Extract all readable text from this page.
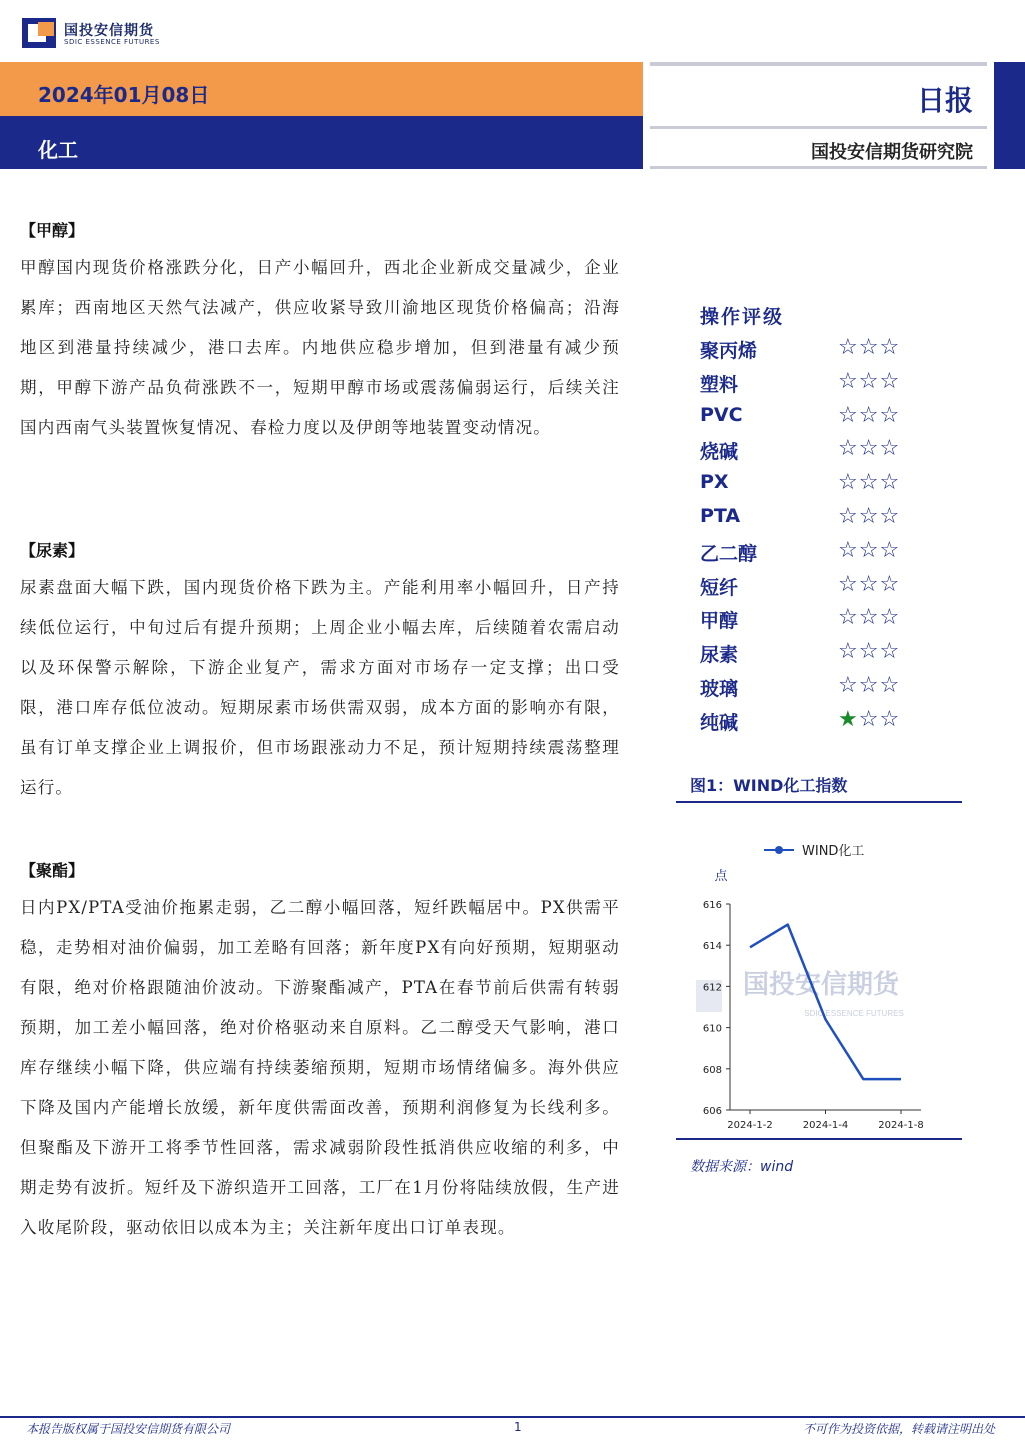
国投安信期货
SDIC ESSENCE FUTURES
2024年01月08日
化工
日报
国投安信期货研究院
【甲醇】
甲醇国内现货价格涨跌分化，日产小幅回升，西北企业新成交量减少，企业累库；西南地区天然气法减产，供应收紧导致川渝地区现货价格偏高；沿海地区到港量持续减少，港口去库。内地供应稳步增加，但到港量有减少预期，甲醇下游产品负荷涨跌不一，短期甲醇市场或震荡偏弱运行，后续关注国内西南气头装置恢复情况、春检力度以及伊朗等地装置变动情况。
【尿素】
尿素盘面大幅下跌，国内现货价格下跌为主。产能利用率小幅回升，日产持续低位运行，中旬过后有提升预期；上周企业小幅去库，后续随着农需启动以及环保警示解除，下游企业复产，需求方面对市场存一定支撑；出口受限，港口库存低位波动。短期尿素市场供需双弱，成本方面的影响亦有限，虽有订单支撑企业上调报价，但市场跟涨动力不足，预计短期持续震荡整理运行。
【聚酯】
日内PX/PTA受油价拖累走弱，乙二醇小幅回落，短纤跌幅居中。PX供需平稳，走势相对油价偏弱，加工差略有回落；新年度PX有向好预期，短期驱动有限，绝对价格跟随油价波动。下游聚酯减产，PTA在春节前后供需有转弱预期，加工差小幅回落，绝对价格驱动来自原料。乙二醇受天气影响，港口库存继续小幅下降，供应端有持续萎缩预期，短期市场情绪偏多。海外供应下降及国内产能增长放缓，新年度供需面改善，预期利润修复为长线利多。但聚酯及下游开工将季节性回落，需求减弱阶段性抵消供应收缩的利多，中期走势有波折。短纤及下游织造开工回落，工厂在1月份将陆续放假，生产进入收尾阶段，驱动依旧以成本为主；关注新年度出口订单表现。
操作评级
聚丙烯	☆☆☆
塑料	☆☆☆
PVC	☆☆☆
烧碱	☆☆☆
PX	☆☆☆
PTA	☆☆☆
乙二醇	☆☆☆
短纤	☆☆☆
甲醇	☆☆☆
尿素	☆☆☆
玻璃	☆☆☆
纯碱	★☆☆
图1：WIND化工指数
国投安信期货
SDIC ESSENCE FUTURES
WIND化工
点
616
614
612
610
608
606
2024-1-2	2024-1-4	2024-1-8
数据来源：wind
本报告版权属于国投安信期货有限公司	1	不可作为投资依据，转载请注明出处
